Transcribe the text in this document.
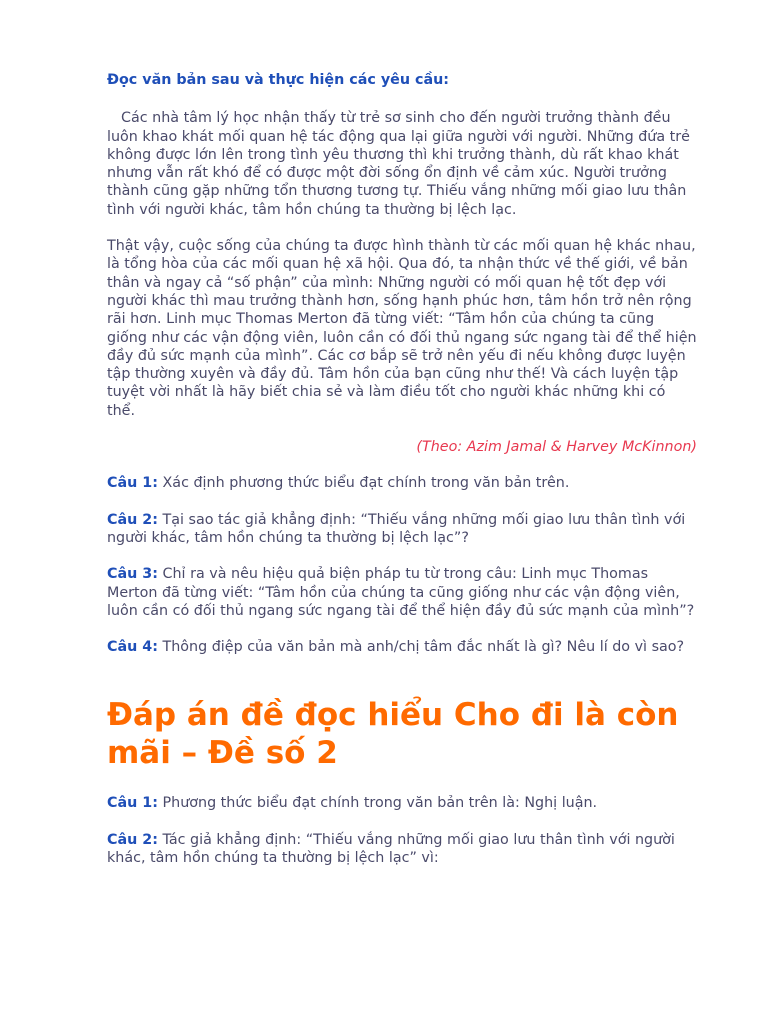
Đọc văn bản sau và thực hiện các yêu cầu:

Các nhà tâm lý học nhận thấy từ trẻ sơ sinh cho đến người trưởng thành đều luôn khao khát mối quan hệ tác động qua lại giữa người với người. Những đứa trẻ không được lớn lên trong tình yêu thương thì khi trưởng thành, dù rất khao khát nhưng vẫn rất khó để có được một đời sống ổn định về cảm xúc. Người trưởng thành cũng gặp những tổn thương tương tự. Thiếu vắng những mối giao lưu thân tình với người khác, tâm hồn chúng ta thường bị lệch lạc.

Thật vậy, cuộc sống của chúng ta được hình thành từ các mối quan hệ khác nhau, là tổng hòa của các mối quan hệ xã hội. Qua đó, ta nhận thức về thế giới, về bản thân và ngay cả “số phận” của mình: Những người có mối quan hệ tốt đẹp với người khác thì mau trưởng thành hơn, sống hạnh phúc hơn, tâm hồn trở nên rộng rãi hơn. Linh mục Thomas Merton đã từng viết: “Tâm hồn của chúng ta cũng giống như các vận động viên, luôn cần có đối thủ ngang sức ngang tài để thể hiện đầy đủ sức mạnh của mình”. Các cơ bắp sẽ trở nên yếu đi nếu không được luyện tập thường xuyên và đầy đủ. Tâm hồn của bạn cũng như thế! Và cách luyện tập tuyệt vời nhất là hãy biết chia sẻ và làm điều tốt cho người khác những khi có thể.

(Theo: Azim Jamal & Harvey McKinnon)

Câu 1: Xác định phương thức biểu đạt chính trong văn bản trên.

Câu 2: Tại sao tác giả khẳng định: “Thiếu vắng những mối giao lưu thân tình với người khác, tâm hồn chúng ta thường bị lệch lạc”?

Câu 3: Chỉ ra và nêu hiệu quả biện pháp tu từ trong câu: Linh mục Thomas Merton đã từng viết: “Tâm hồn của chúng ta cũng giống như các vận động viên, luôn cần có đối thủ ngang sức ngang tài để thể hiện đầy đủ sức mạnh của mình”?

Câu 4: Thông điệp của văn bản mà anh/chị tâm đắc nhất là gì? Nêu lí do vì sao?

Đáp án đề đọc hiểu Cho đi là còn mãi – Đề số 2

Câu 1: Phương thức biểu đạt chính trong văn bản trên là: Nghị luận.

Câu 2: Tác giả khẳng định: “Thiếu vắng những mối giao lưu thân tình với người khác, tâm hồn chúng ta thường bị lệch lạc” vì:
